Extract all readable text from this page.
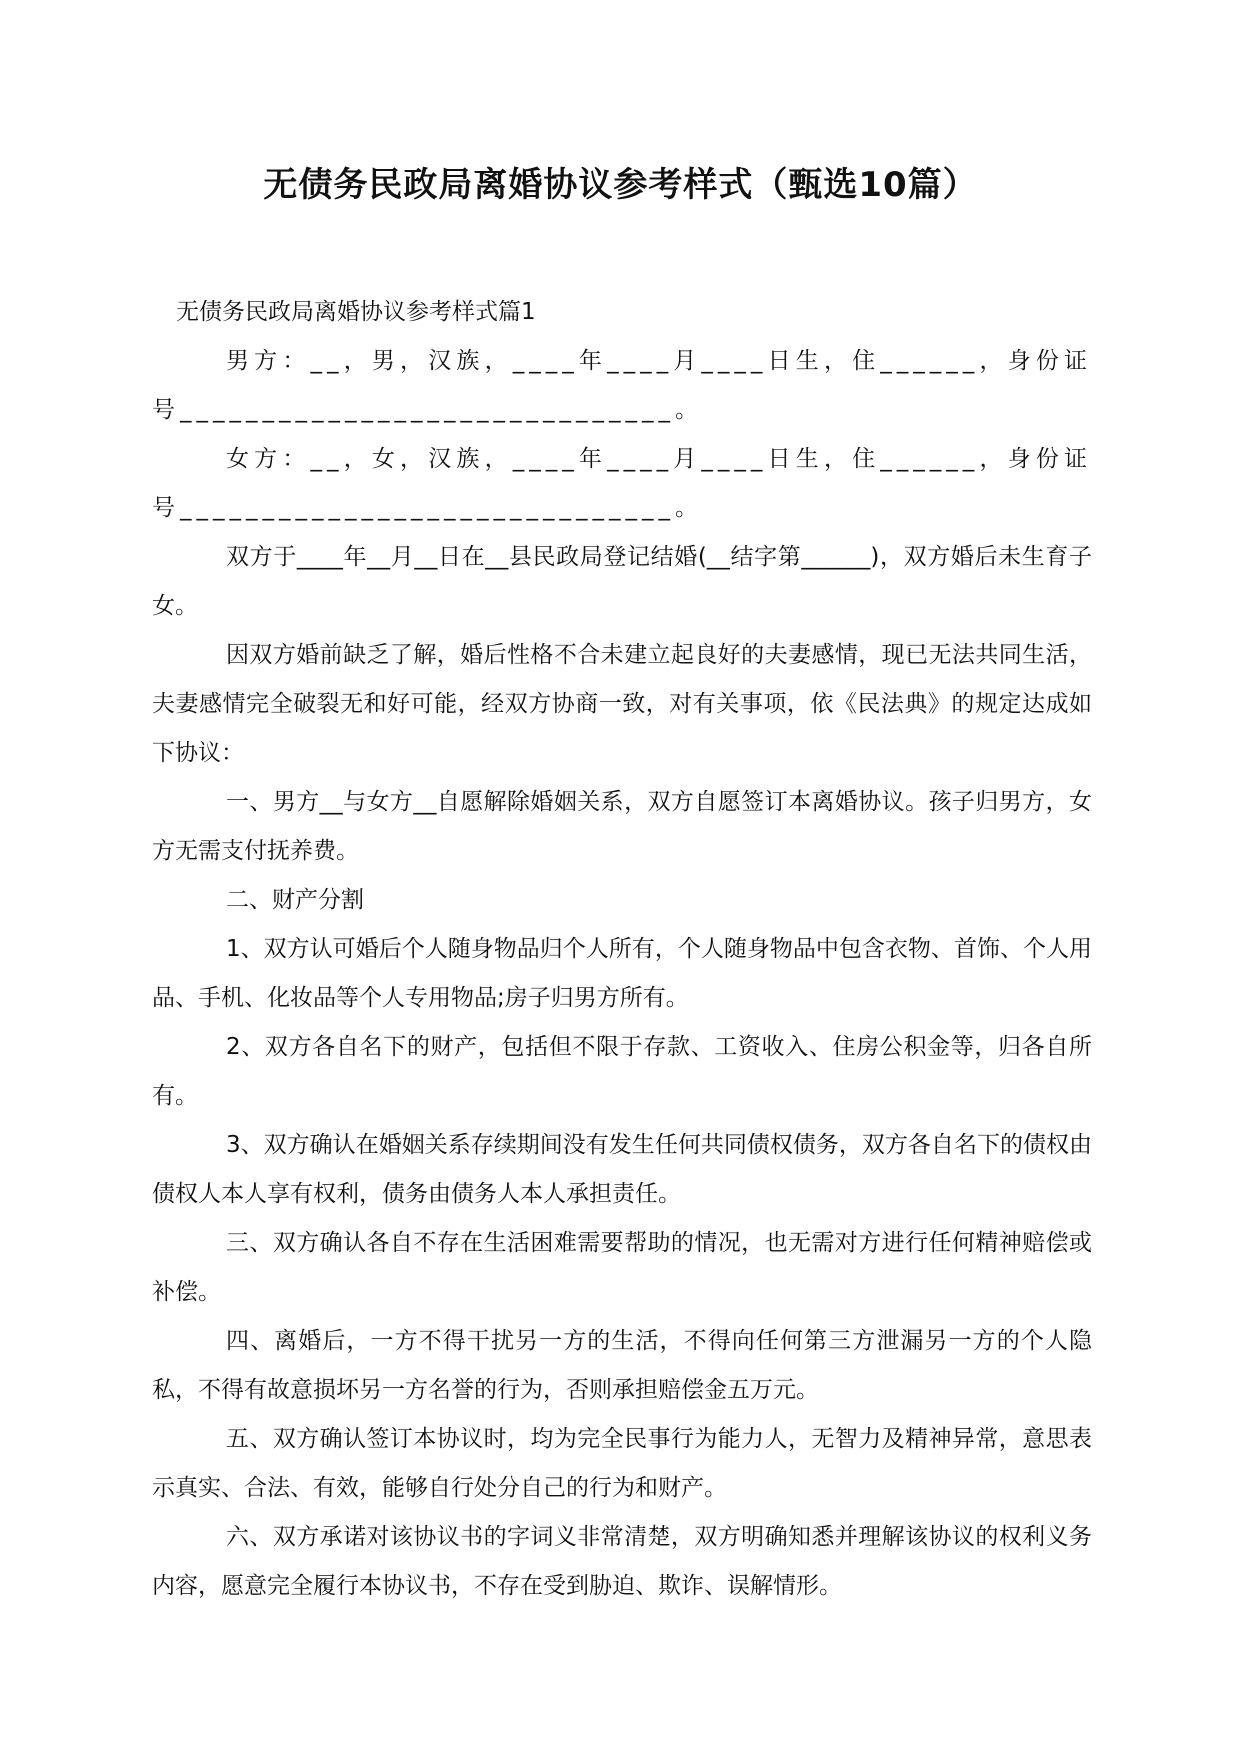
无债务民政局离婚协议参考样式（甄选10篇）

无债务民政局离婚协议参考样式篇1

男方：__，男，汉族，____年____月____日生，住______，身份证号______________________________。

女方：__，女，汉族，____年____月____日生，住______，身份证号______________________________。

双方于____年__月__日在__县民政局登记结婚(__结字第______)，双方婚后未生育子女。

因双方婚前缺乏了解，婚后性格不合未建立起良好的夫妻感情，现已无法共同生活，夫妻感情完全破裂无和好可能，经双方协商一致，对有关事项，依《民法典》的规定达成如下协议：

一、男方__与女方__自愿解除婚姻关系，双方自愿签订本离婚协议。孩子归男方，女方无需支付抚养费。

二、财产分割

1、双方认可婚后个人随身物品归个人所有，个人随身物品中包含衣物、首饰、个人用品、手机、化妆品等个人专用物品;房子归男方所有。

2、双方各自名下的财产，包括但不限于存款、工资收入、住房公积金等，归各自所有。

3、双方确认在婚姻关系存续期间没有发生任何共同债权债务，双方各自名下的债权由债权人本人享有权利，债务由债务人本人承担责任。

三、双方确认各自不存在生活困难需要帮助的情况，也无需对方进行任何精神赔偿或补偿。

四、离婚后，一方不得干扰另一方的生活，不得向任何第三方泄漏另一方的个人隐私，不得有故意损坏另一方名誉的行为，否则承担赔偿金五万元。

五、双方确认签订本协议时，均为完全民事行为能力人，无智力及精神异常，意思表示真实、合法、有效，能够自行处分自己的行为和财产。

六、双方承诺对该协议书的字词义非常清楚，双方明确知悉并理解该协议的权利义务内容，愿意完全履行本协议书，不存在受到胁迫、欺诈、误解情形。
